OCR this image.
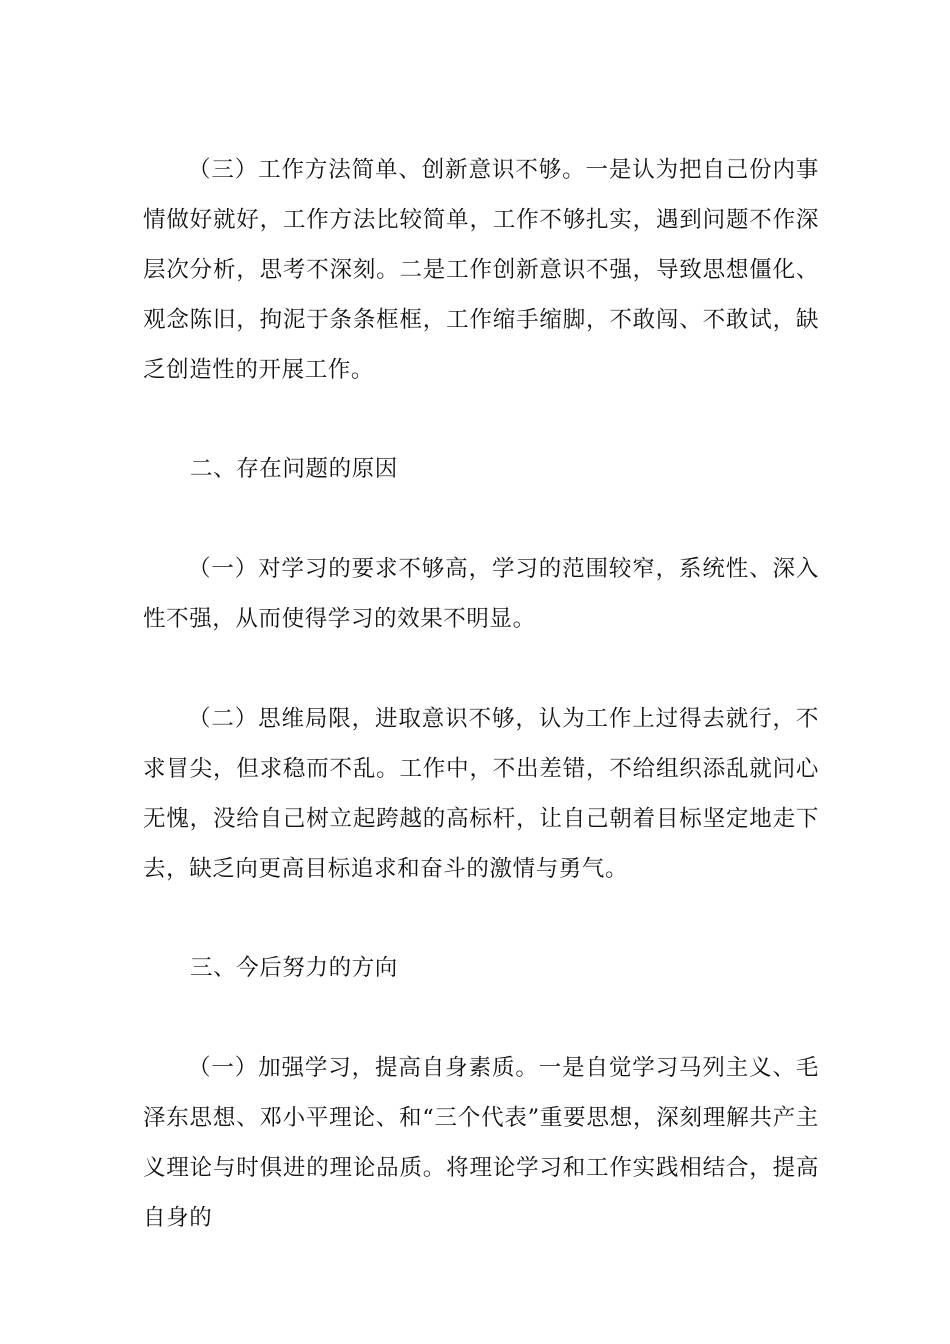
（三）工作方法简单、创新意识不够。一是认为把自己份内事情做好就好，工作方法比较简单，工作不够扎实，遇到问题不作深层次分析，思考不深刻。二是工作创新意识不强，导致思想僵化、观念陈旧，拘泥于条条框框，工作缩手缩脚，不敢闯、不敢试，缺乏创造性的开展工作。

二、存在问题的原因

（一）对学习的要求不够高，学习的范围较窄，系统性、深入性不强，从而使得学习的效果不明显。

（二）思维局限，进取意识不够，认为工作上过得去就行，不求冒尖，但求稳而不乱。工作中，不出差错，不给组织添乱就问心无愧，没给自己树立起跨越的高标杆，让自己朝着目标坚定地走下去，缺乏向更高目标追求和奋斗的激情与勇气。

三、今后努力的方向

（一）加强学习，提高自身素质。一是自觉学习马列主义、毛泽东思想、邓小平理论、和“三个代表”重要思想，深刻理解共产主义理论与时俱进的理论品质。将理论学习和工作实践相结合，提高自身的
